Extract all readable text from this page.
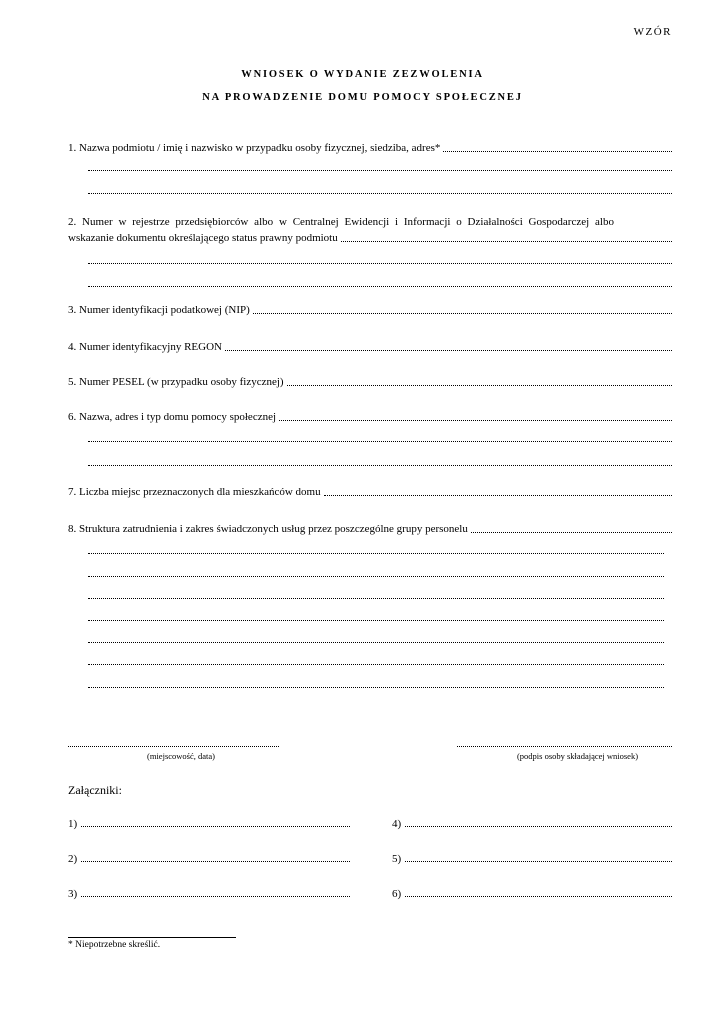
WZÓR
WNIOSEK O WYDANIE ZEZWOLENIA
NA PROWADZENIE DOMU POMOCY SPOŁECZNEJ
1. Nazwa podmiotu / imię i nazwisko w przypadku osoby fizycznej, siedziba, adres*
2. Numer w rejestrze przedsiębiorców albo w Centralnej Ewidencji i Informacji o Działalności Gospodarczej albo
wskazanie dokumentu określającego status prawny podmiotu
3. Numer identyfikacji podatkowej (NIP)
4. Numer identyfikacyjny REGON
5. Numer PESEL (w przypadku osoby fizycznej)
6. Nazwa, adres i typ domu pomocy społecznej
7. Liczba miejsc przeznaczonych dla mieszkańców domu
8. Struktura zatrudnienia i zakres świadczonych usług przez poszczególne grupy personelu
(miejscowość, data)	(podpis osoby składającej wniosek)
Załączniki:
1)
2)
3)
4)
5)
6)
* Niepotrzebne skreślić.
